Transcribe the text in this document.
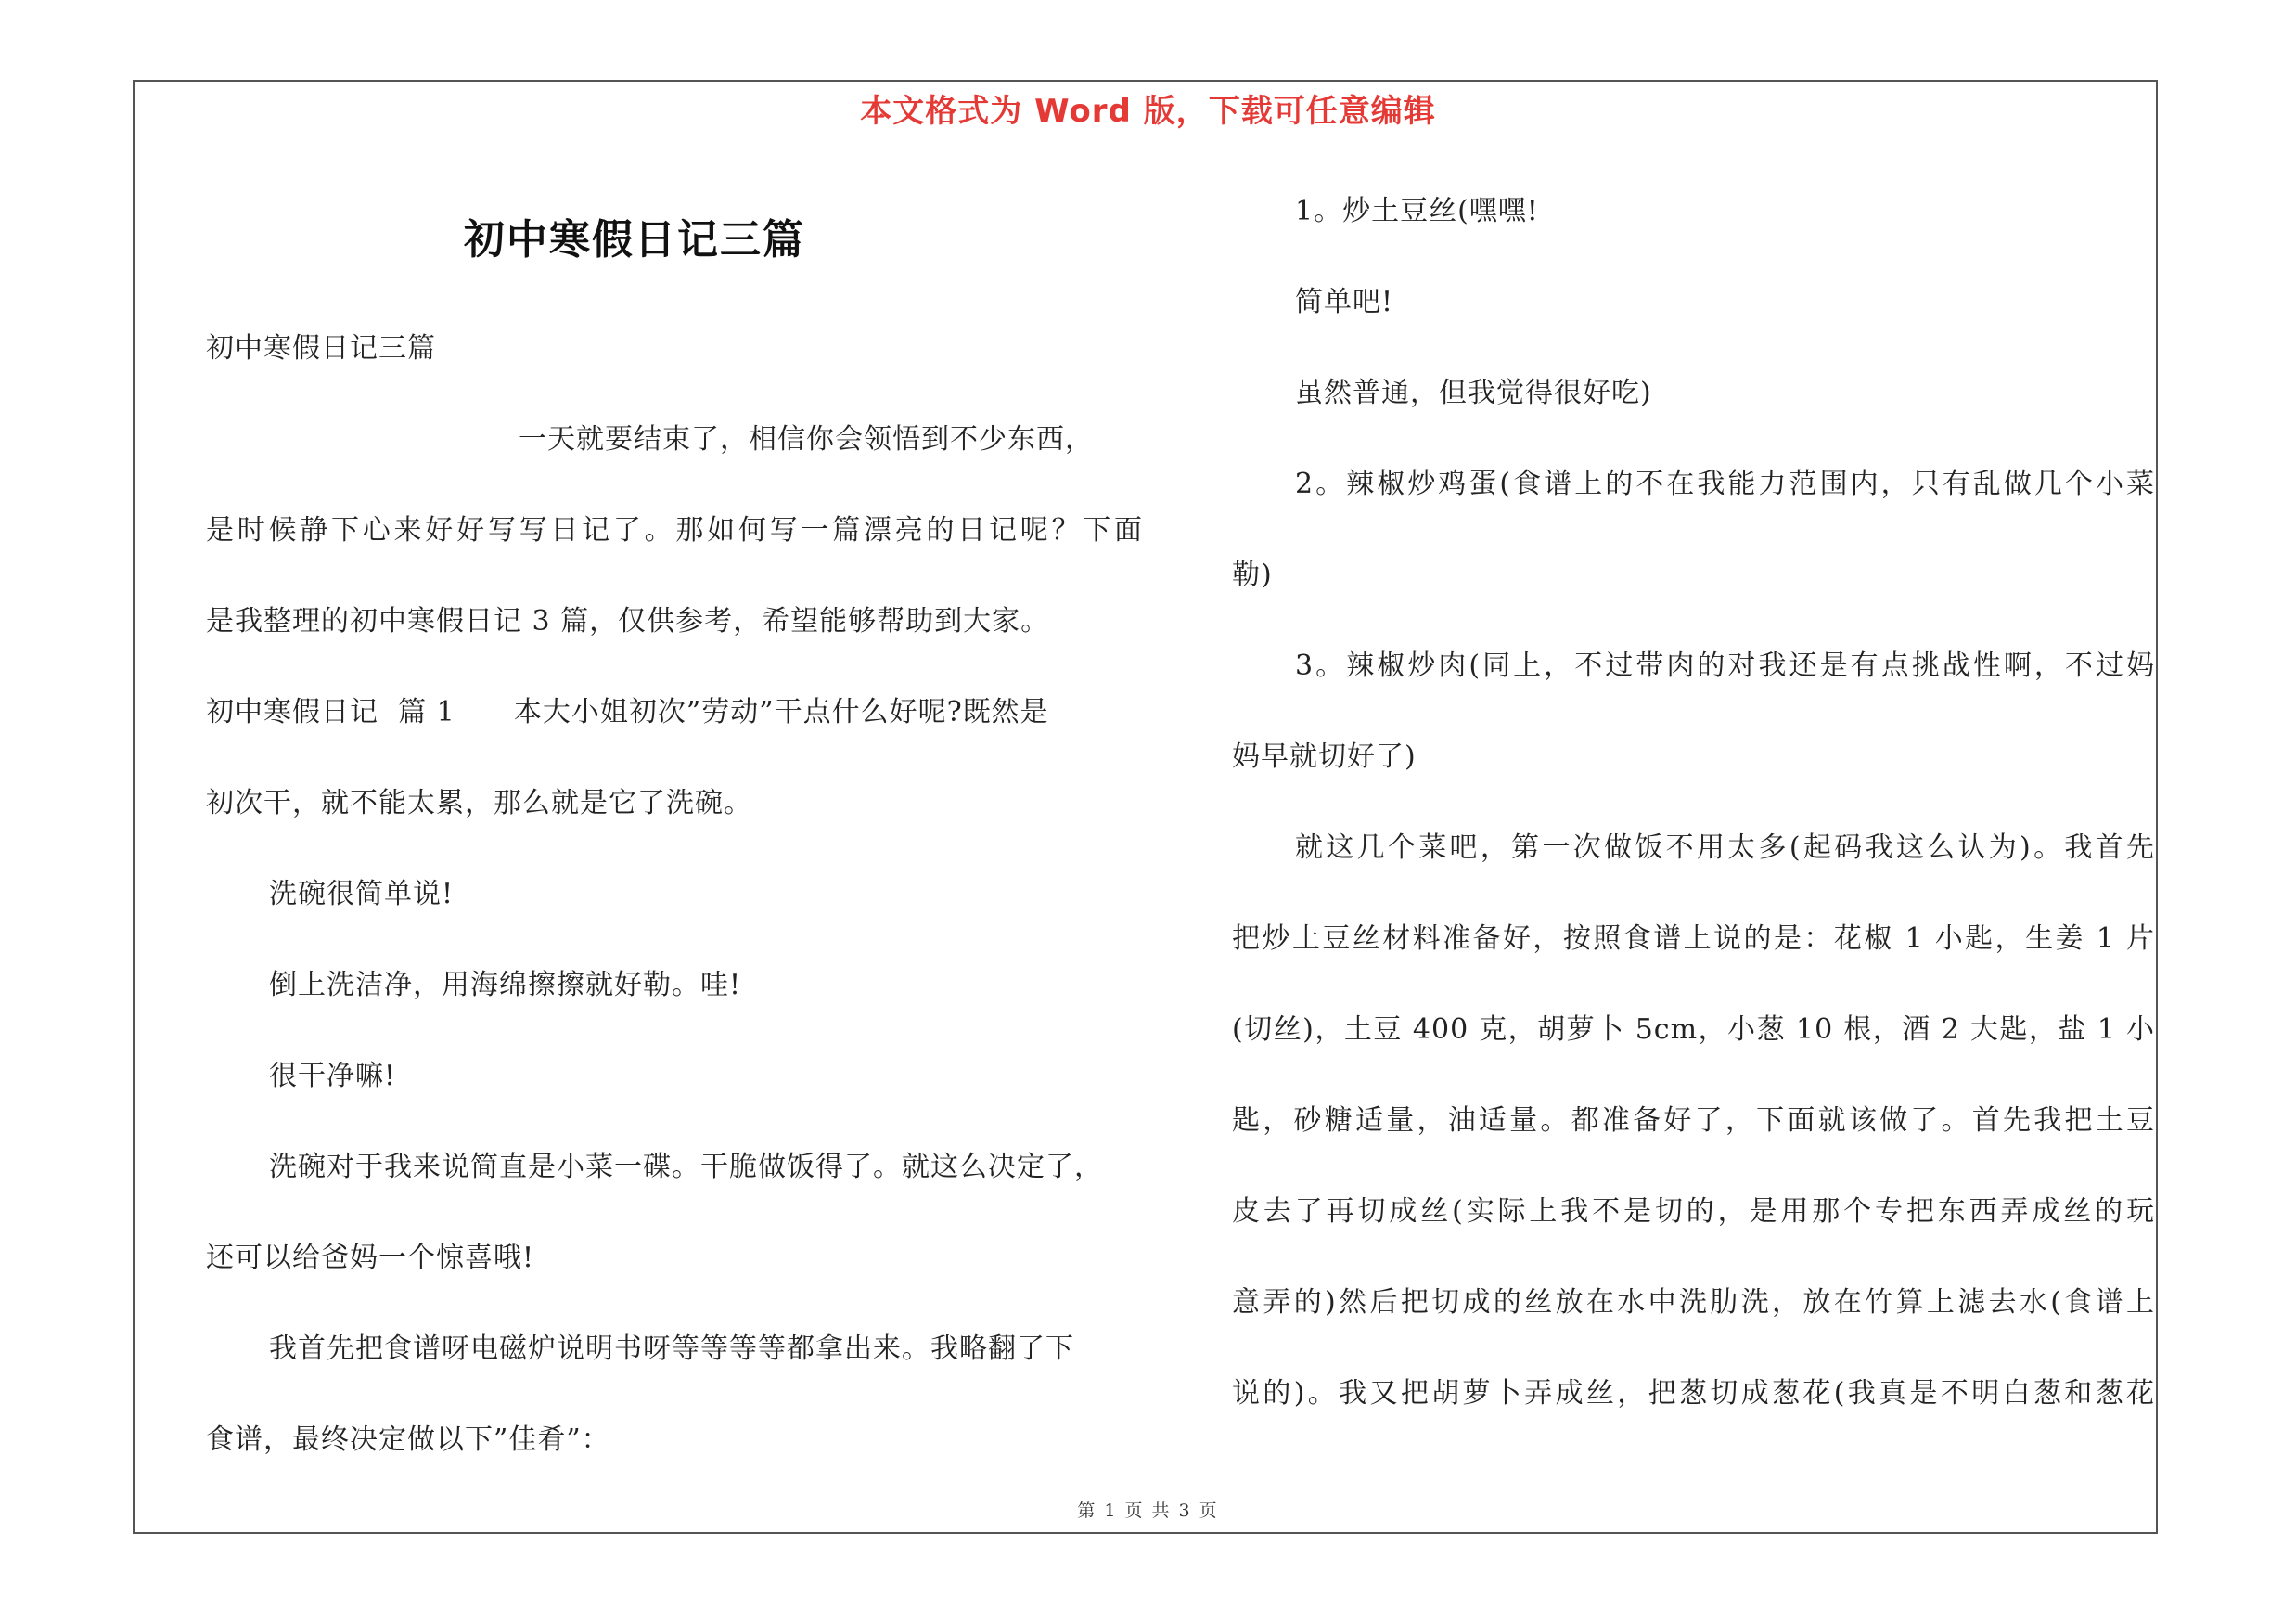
本文格式为 Word 版，下载可任意编辑
初中寒假日记三篇
初中寒假日记三篇
一天就要结束了，相信你会领悟到不少东西，
是时候静下心来好好写写日记了。那如何写一篇漂亮的日记呢？下面
是我整理的初中寒假日记 3 篇，仅供参考，希望能够帮助到大家。
初中寒假日记  篇 1      本大小姐初次”劳动”干点什么好呢?既然是
初次干，就不能太累，那么就是它了洗碗。
洗碗很简单说!
倒上洗洁净，用海绵擦擦就好勒。哇!
很干净嘛!
洗碗对于我来说简直是小菜一碟。干脆做饭得了。就这么决定了，
还可以给爸妈一个惊喜哦!
我首先把食谱呀电磁炉说明书呀等等等等都拿出来。我略翻了下
食谱，最终决定做以下”佳肴”：
1。炒土豆丝(嘿嘿!
简单吧!
虽然普通，但我觉得很好吃)
2。辣椒炒鸡蛋(食谱上的不在我能力范围内，只有乱做几个小菜
勒)
3。辣椒炒肉(同上，不过带肉的对我还是有点挑战性啊，不过妈
妈早就切好了)
就这几个菜吧，第一次做饭不用太多(起码我这么认为)。我首先
把炒土豆丝材料准备好，按照食谱上说的是：花椒 1 小匙，生姜 1 片
(切丝)，土豆 400 克，胡萝卜 5cm，小葱 10 根，酒 2 大匙，盐 1 小
匙，砂糖适量，油适量。都准备好了，下面就该做了。首先我把土豆
皮去了再切成丝(实际上我不是切的，是用那个专把东西弄成丝的玩
意弄的)然后把切成的丝放在水中洗肋洗，放在竹算上滤去水(食谱上
说的)。我又把胡萝卜弄成丝，把葱切成葱花(我真是不明白葱和葱花
第 1 页 共 3 页
